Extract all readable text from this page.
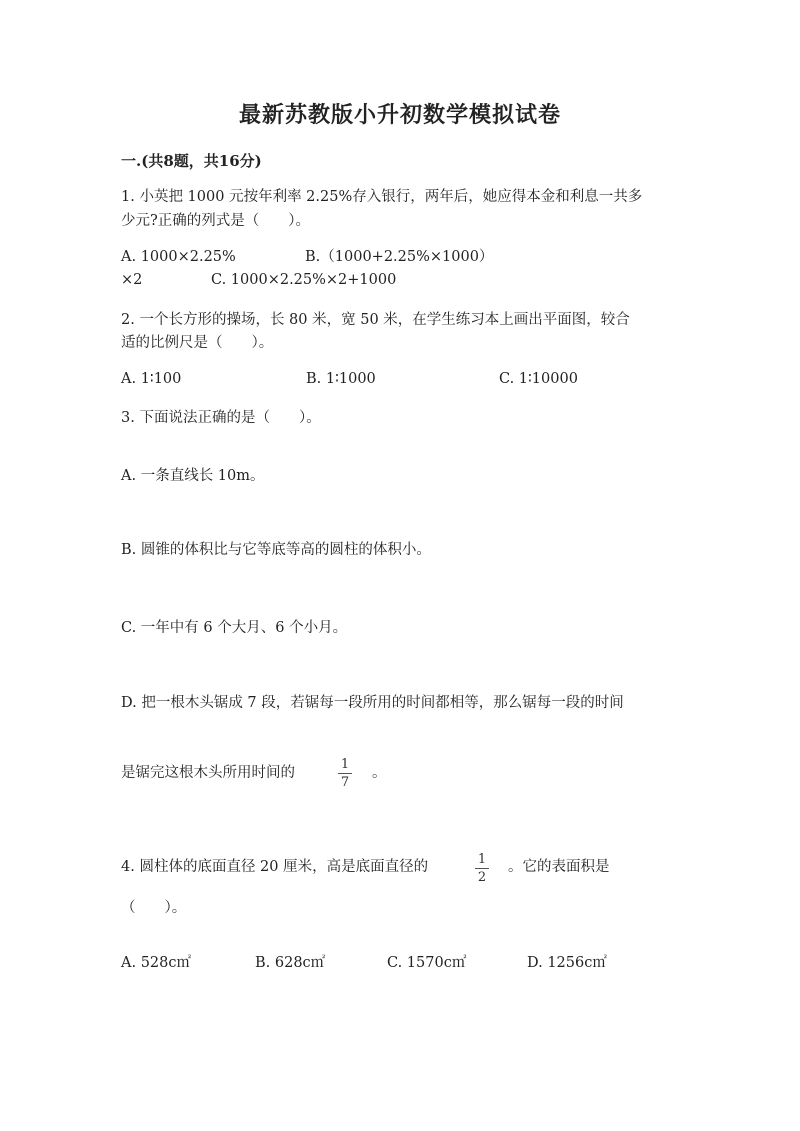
最新苏教版小升初数学模拟试卷
一.(共8题，共16分)
1. 小英把 1000 元按年利率 2.25%存入银行，两年后，她应得本金和利息一共多
少元?正确的列式是（　　）。
A. 1000×2.25%	B.（1000+2.25%×1000）
×2	C. 1000×2.25%×2+1000
2. 一个长方形的操场，长 80 米，宽 50 米，在学生练习本上画出平面图，较合
适的比例尺是（　　）。
A. 1∶100	B. 1∶1000	C. 1∶10000
3. 下面说法正确的是（　　）。
A. 一条直线长 10m。
B. 圆锥的体积比与它等底等高的圆柱的体积小。
C. 一年中有 6 个大月、6 个小月。
D. 把一根木头锯成 7 段，若锯每一段所用的时间都相等，那么锯每一段的时间
是锯完这根木头所用时间的
1
7
。
4. 圆柱体的底面直径 20 厘米，高是底面直径的	1
2
。它的表面积是
（　　）。
A. 528c㎡	B. 628c㎡	C. 1570c㎡	D. 1256c㎡
